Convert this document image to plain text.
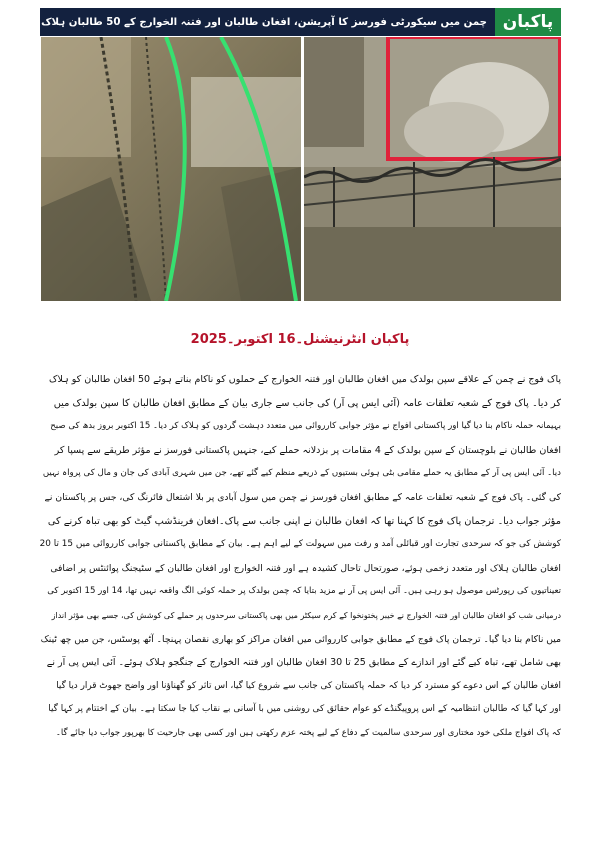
پاکبان
چمن میں سیکورٹی فورسز کا آپریشن، افغان طالبان اور فتنہ الخوارج کے 50 طالبان ہلاک
پاکبان انٹرنیشنل۔16 اکتوبر۔2025
پاک فوج نے چمن کے علاقے سپن بولدک میں افغان طالبان اور فتنہ الخوارج کے حملوں کو ناکام بناتے ہوئے 50 افغان طالبان کو ہلاک
کر دیا۔ پاک فوج کے شعبہ تعلقات عامہ (آئی ایس پی آر) کی جانب سے جاری بیان کے مطابق افغان طالبان کا سپن بولدک میں
بہیمانہ حملہ ناکام بنا دیا گیا اور پاکستانی افواج نے مؤثر جوابی کارروائی میں متعدد دہشت گردوں کو ہلاک کر دیا۔ 15 اکتوبر بروز بدھ کی صبح
افغان طالبان نے بلوچستان کے سپن بولدک کے 4 مقامات پر بزدلانہ حملے کیے، جنہیں پاکستانی فورسز نے مؤثر طریقے سے پسپا کر
دیا۔ آئی ایس پی آر کے مطابق یہ حملے مقامی بٹی ہوئی بستیوں کے ذریعے منظم کیے گئے تھے، جن میں شہری آبادی کی جان و مال کی پرواہ نہیں
کی گئی۔ پاک فوج کے شعبہ تعلقات عامہ کے مطابق افغان فورسز نے چمن میں سول آبادی پر بلا اشتعال فائرنگ کی، جس پر پاکستان نے
مؤثر جواب دیا۔ ترجمان پاک فوج کا کہنا تھا کہ افغان طالبان نے اپنی جانب سے پاک۔افغان فرینڈشپ گیٹ کو بھی تباہ کرنے کی
کوشش کی جو کہ سرحدی تجارت اور قبائلی آمد و رفت میں سہولت کے لیے اہم ہے۔ بیان کے مطابق پاکستانی جوابی کارروائی میں 15 تا 20
افغان طالبان ہلاک اور متعدد زخمی ہوئے، صورتحال تاحال کشیدہ ہے اور فتنہ الخوارج اور افغان طالبان کے سٹیجنگ پوائنٹس پر اضافی
تعیناتیوں کی رپورٹس موصول ہو رہی ہیں۔ آئی ایس پی آر نے مزید بتایا کہ چمن بولدک پر حملہ کوئی الگ واقعہ نہیں تھا، 14 اور 15 اکتوبر کی
درمیانی شب کو افغان طالبان اور فتنہ الخوارج نے خیبر پختونخوا کے کرم سیکٹر میں بھی پاکستانی سرحدوں پر حملے کی کوشش کی، جسے بھی مؤثر انداز
میں ناکام بنا دیا گیا۔ ترجمان پاک فوج کے مطابق جوابی کارروائی میں افغان مراکز کو بھاری نقصان پہنچا۔ آٹھ پوسٹس، جن میں چھ ٹینک
بھی شامل تھے، تباہ کیے گئے اور اندازے کے مطابق 25 تا 30 افغان طالبان اور فتنہ الخوارج کے جنگجو ہلاک ہوئے۔ آئی ایس پی آر نے
افغان طالبان کے اس دعوے کو مسترد کر دیا کہ حملہ پاکستان کی جانب سے شروع کیا گیا، اس تاثر کو گھناؤنا اور واضح جھوٹ قرار دیا گیا
اور کہا گیا کہ طالبان انتظامیہ کے اس پروپیگنڈے کو عوام حقائق کی روشنی میں با آسانی بے نقاب کیا جا سکتا ہے۔ بیان کے اختتام پر کہا گیا
کہ پاک افواج ملکی خود مختاری اور سرحدی سالمیت کے دفاع کے لیے پختہ عزم رکھتی ہیں اور کسی بھی جارحیت کا بھرپور جواب دیا جائے گا۔
